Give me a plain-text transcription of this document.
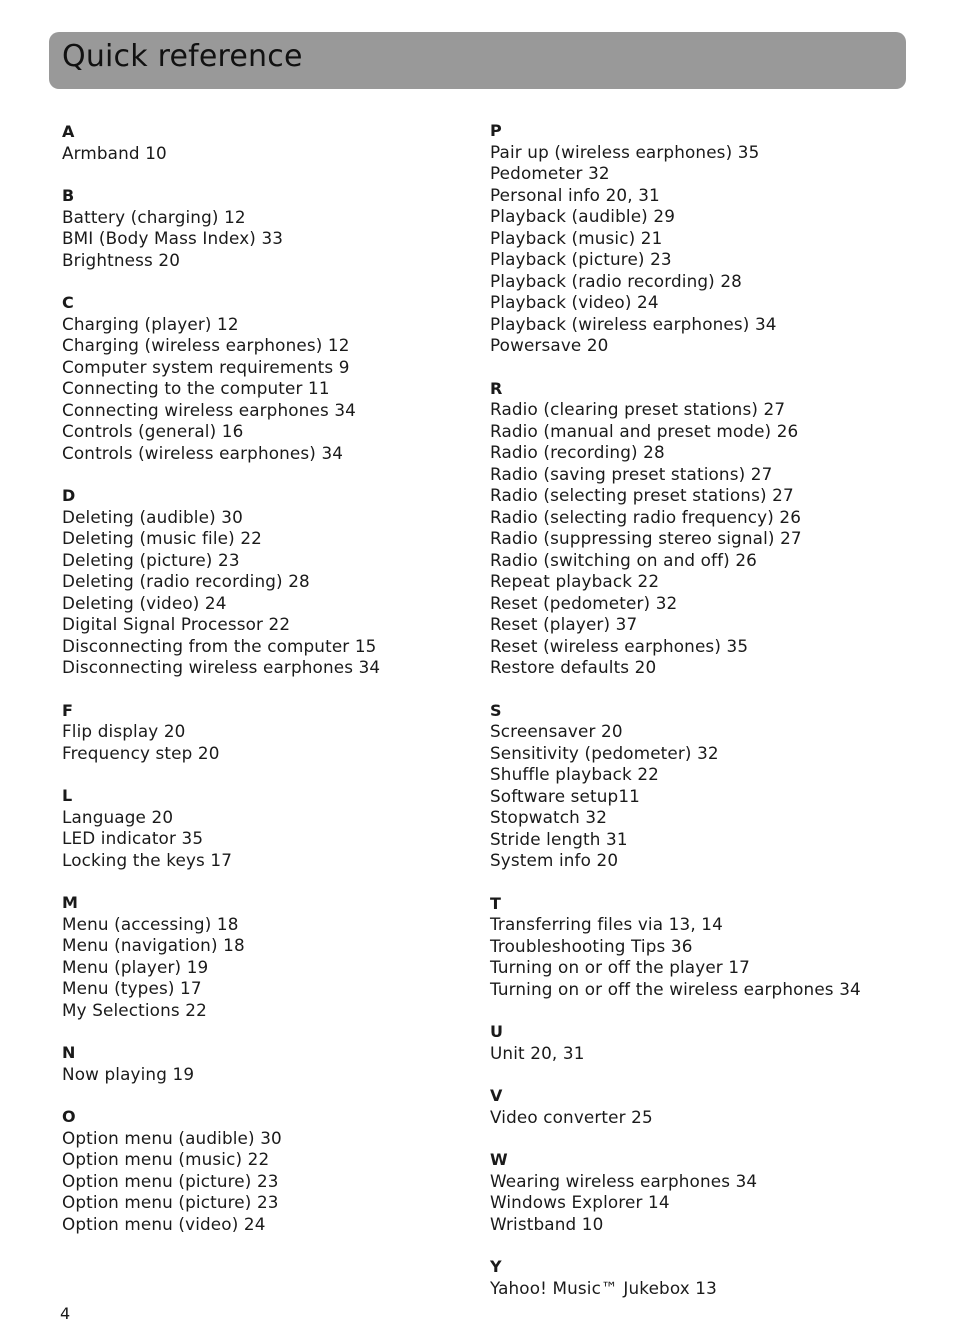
Quick reference
A
Armband 10
B
Battery (charging) 12
BMI (Body Mass Index) 33
Brightness 20
C
Charging (player) 12
Charging (wireless earphones) 12
Computer system requirements 9
Connecting to the computer 11
Connecting wireless earphones 34
Controls (general) 16
Controls (wireless earphones) 34
D
Deleting (audible) 30
Deleting (music file) 22
Deleting (picture) 23
Deleting (radio recording) 28
Deleting (video) 24
Digital Signal Processor 22
Disconnecting from the computer 15
Disconnecting wireless earphones 34
F
Flip display 20
Frequency step 20
L
Language 20
LED indicator 35
Locking the keys 17
M
Menu (accessing) 18
Menu (navigation) 18
Menu (player) 19
Menu (types) 17
My Selections 22
N
Now playing 19
O
Option menu (audible) 30
Option menu (music) 22
Option menu (picture) 23
Option menu (picture) 23
Option menu (video) 24
P
Pair up (wireless earphones) 35
Pedometer 32
Personal info 20, 31
Playback (audible) 29
Playback (music) 21
Playback (picture) 23
Playback (radio recording) 28
Playback (video) 24
Playback (wireless earphones) 34
Powersave 20
R
Radio (clearing preset stations) 27
Radio (manual and preset mode) 26
Radio (recording) 28
Radio (saving preset stations) 27
Radio (selecting preset stations) 27
Radio (selecting radio frequency) 26
Radio (suppressing stereo signal) 27
Radio (switching on and off) 26
Repeat playback 22
Reset (pedometer) 32
Reset (player) 37
Reset (wireless earphones) 35
Restore defaults 20
S
Screensaver 20
Sensitivity (pedometer) 32
Shuffle playback 22
Software setup11
Stopwatch 32
Stride length 31
System info 20
T
Transferring files via 13, 14
Troubleshooting Tips 36
Turning on or off the player 17
Turning on or off the wireless earphones 34
U
Unit 20, 31
V
Video converter 25
W
Wearing wireless earphones 34
Windows Explorer 14
Wristband 10
Y
Yahoo! Music™ Jukebox 13
4
